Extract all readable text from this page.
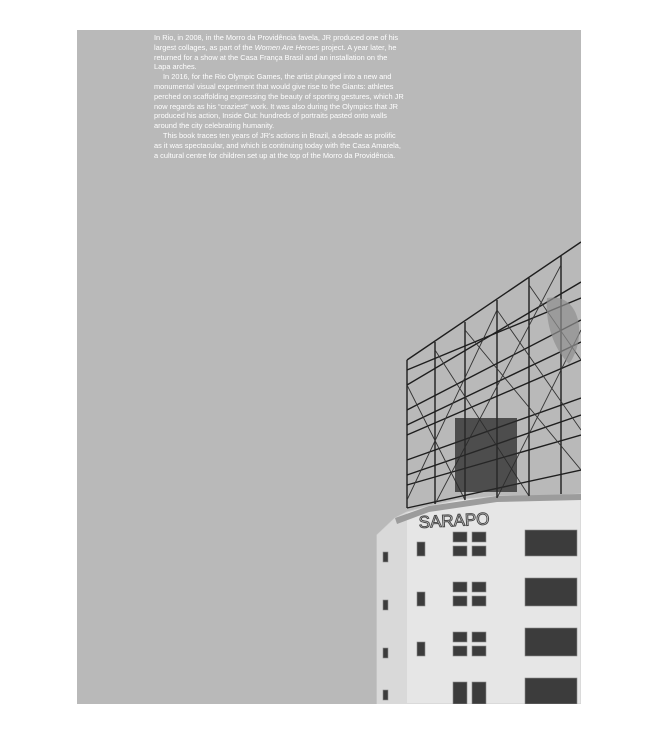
In Rio, in 2008, in the Morro da Providência favela, JR produced one of his largest collages, as part of the Women Are Heroes project. A year later, he returned for a show at the Casa França Brasil and an installation on the Lapa arches.

In 2016, for the Rio Olympic Games, the artist plunged into a new and monumental visual experiment that would give rise to the Giants: athletes perched on scaffolding expressing the beauty of sporting gestures, which JR now regards as his “craziest” work. It was also during the Olympics that JR produced his action, Inside Out: hundreds of portraits pasted onto walls around the city celebrating humanity.

This book traces ten years of JR's actions in Brazil, a decade as prolific as it was spectacular, and which is continuing today with the Casa Amarela, a cultural centre for children set up at the top of the Morro da Providência.

SARAPO
